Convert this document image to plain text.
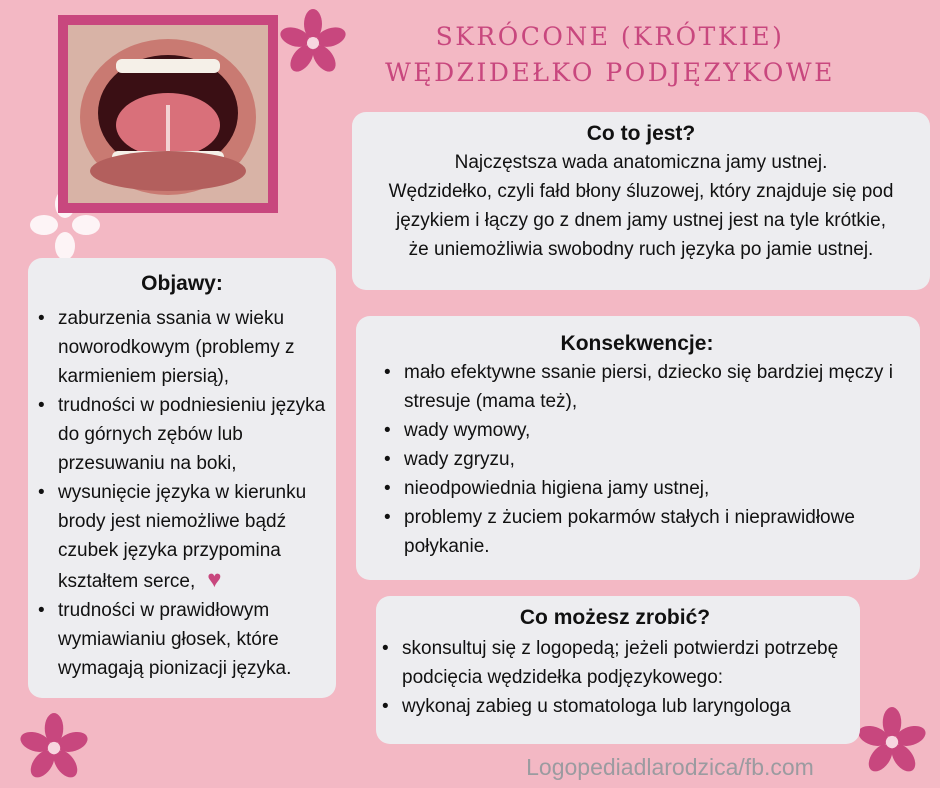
SKRÓCONE (KRÓTKIE)
WĘDZIDEŁKO PODJĘZYKOWE
Co to jest?
Najczęstsza wada anatomiczna jamy ustnej.
Wędzidełko, czyli fałd błony śluzowej, który znajduje się pod
językiem i łączy go z dnem jamy ustnej jest na tyle krótkie,
że uniemożliwia swobodny ruch języka po jamie ustnej.
Objawy:
• zaburzenia ssania w wieku noworodkowym (problemy z karmieniem piersią),
• trudności w podniesieniu języka do górnych zębów lub przesuwaniu na boki,
• wysunięcie języka w kierunku brody jest niemożliwe bądź czubek języka przypomina kształtem serce, ♥
• trudności w prawidłowym wymiawianiu głosek, które wymagają pionizacji języka.
Konsekwencje:
• mało efektywne ssanie piersi, dziecko się bardziej męczy i stresuje (mama też),
• wady wymowy,
• wady zgryzu,
• nieodpowiednia higiena jamy ustnej,
• problemy z żuciem pokarmów stałych i nieprawidłowe połykanie.
Co możesz zrobić?
• skonsultuj się z logopedą; jeżeli potwierdzi potrzebę podcięcia wędzidełka podjęzykowego:
• wykonaj zabieg u stomatologa lub laryngologa
Logopediadlarodzica/fb.com
